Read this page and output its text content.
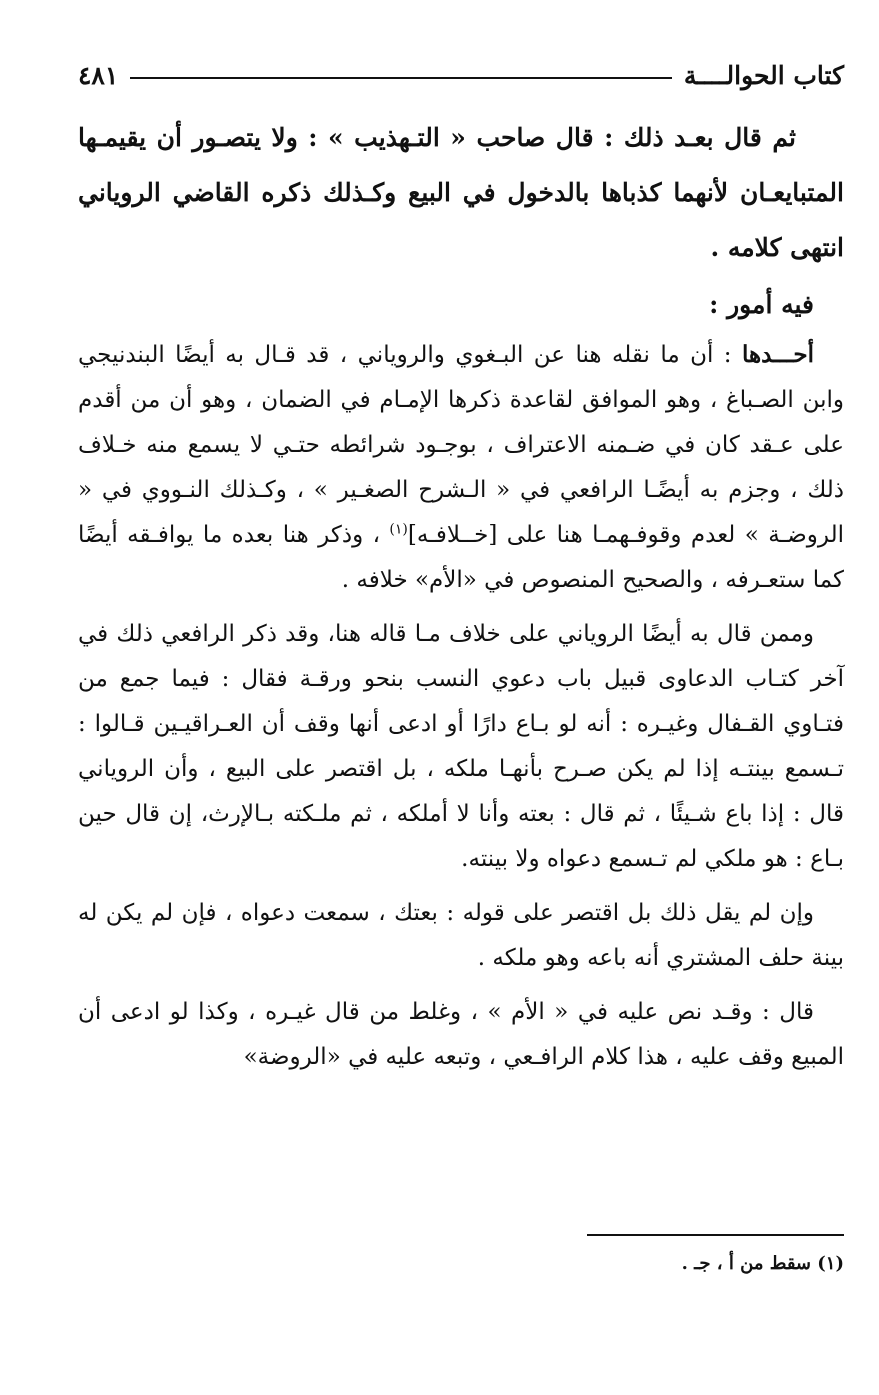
كتاب الحوالــــة
٤٨١

ثم قال بعـد ذلك : قال صاحب « التـهذيب » : ولا يتصـور أن يقيمـها المتبايعـان لأنهما كذباها بالدخول في البيع وكـذلك ذكره القاضي الروياني انتهى كلامه .

فيه أمور :

أحـــدها : أن ما نقله هنا عن البـغوي والروياني ، قد قـال به أيضًا البندنيجي وابن الصـباغ ، وهو الموافق لقاعدة ذكرها الإمـام في الضمان ، وهو أن من أقدم على عـقد كان في ضـمنه الاعتراف ، بوجـود شرائطه حتـي لا يسمع منه خـلاف ذلك ، وجزم به أيضًـا الرافعي في « الـشرح الصغـير » ، وكـذلك النـووي في « الروضـة » لعدم وقوفـهمـا هنا على [خــلافـه]$^{(١)}$ ، وذكر هنا بعده ما يوافـقه أيضًا كما ستعـرفه ، والصحيح المنصوص في «الأم» خلافه .

وممن قال به أيضًا الروياني على خلاف مـا قاله هنا، وقد ذكر الرافعي ذلك في آخر كتـاب الدعاوى قبيل باب دعوي النسب بنحو ورقـة فقال : فيما جمع من فتـاوي القـفال وغيـره : أنه لو بـاع دارًا أو ادعى أنها وقف أن العـراقيـين قـالوا : تـسمع بينتـه إذا لم يكن صـرح بأنهـا ملكه ، بل اقتصر على البيع ، وأن الروياني قال : إذا باع شـيئًا ، ثم قال : بعته وأنا لا أملكه ، ثم ملـكته بـالإرث، إن قال حين بـاع : هو ملكي لم تـسمع دعواه ولا بينته.

وإن لم يقل ذلك بل اقتصر على قوله : بعتك ، سمعت دعواه ، فإن لم يكن له بينة حلف المشتري أنه باعه وهو ملكه .

قال : وقـد نص عليه في « الأم » ، وغلط من قال غيـره ، وكذا لو ادعى أن المبيع وقف عليه ، هذا كلام الرافـعي ، وتبعه عليه في «الروضة»

(١) سقط من أ ، جـ .
